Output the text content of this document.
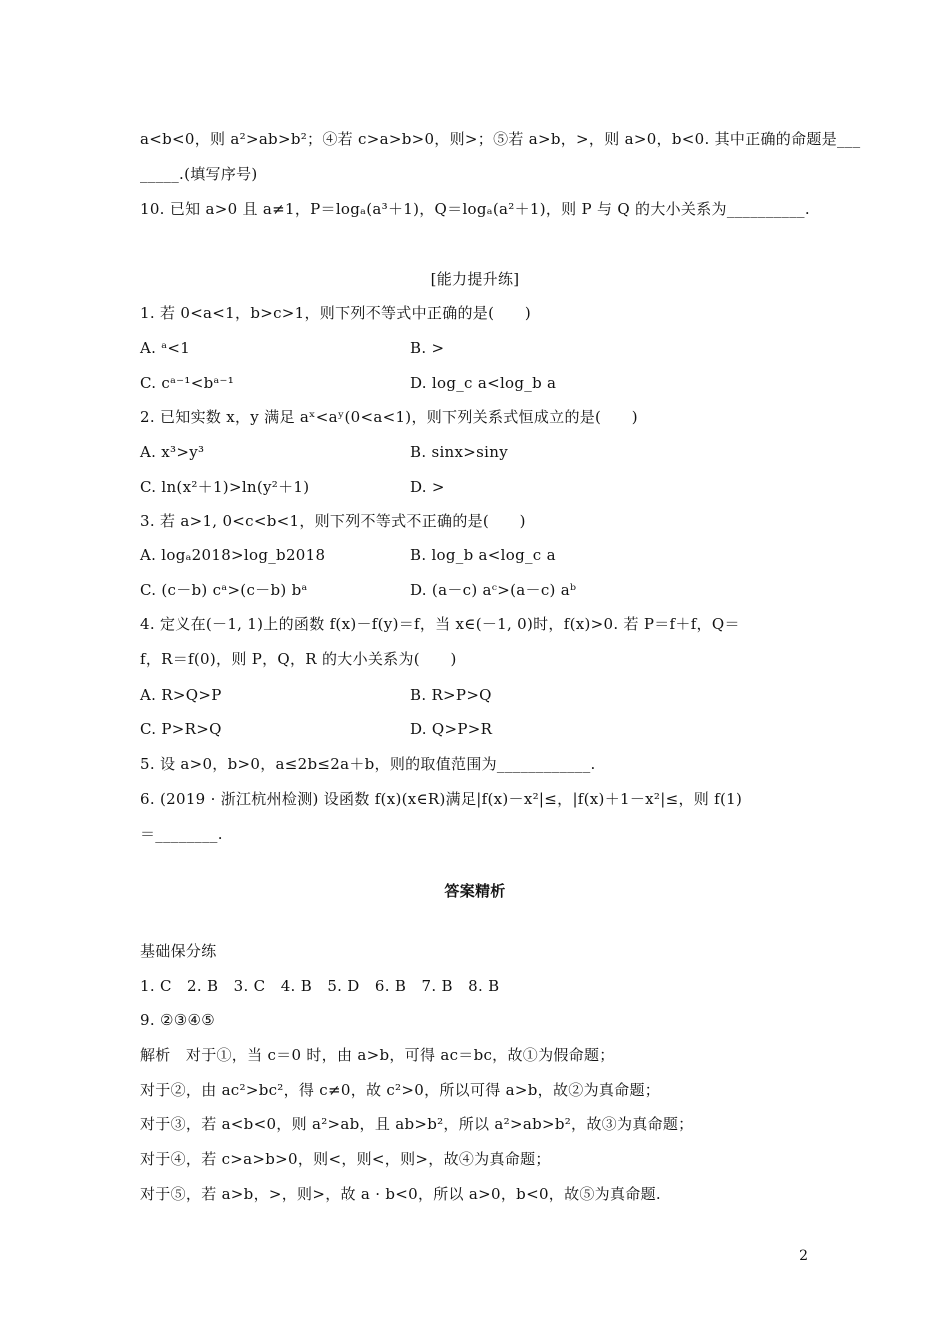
a<b<0，则 a²>ab>b²；④若 c>a>b>0，则>；⑤若 a>b，>，则 a>0，b<0. 其中正确的命题是___
_____.(填写序号)
10. 已知 a>0 且 a≠1，P＝logₐ(a³＋1)，Q＝logₐ(a²＋1)，则 P 与 Q 的大小关系为__________.
[能力提升练]
1. 若 0<a<1，b>c>1，则下列不等式中正确的是(　　)
A. ᵃ<1	B. >
C. cᵃ⁻¹<bᵃ⁻¹	D. log_c a<log_b a
2. 已知实数 x，y 满足 aˣ<aʸ(0<a<1)，则下列关系式恒成立的是(　　)
A. x³>y³	B. sinx>siny
C. ln(x²＋1)>ln(y²＋1)	D. >
3. 若 a>1, 0<c<b<1，则下列不等式不正确的是(　　)
A. logₐ2018>log_b2018	B. log_b a<log_c a
C. (c－b) cᵃ>(c－b) bᵃ	D. (a－c) aᶜ>(a－c) aᵇ
4. 定义在(－1, 1)上的函数 f(x)－f(y)＝f，当 x∈(－1, 0)时，f(x)>0. 若 P＝f＋f，Q＝
f，R＝f(0)，则 P，Q，R 的大小关系为(　　)
A. R>Q>P	B. R>P>Q
C. P>R>Q	D. Q>P>R
5. 设 a>0，b>0，a≤2b≤2a＋b，则的取值范围为____________.
6. (2019 · 浙江杭州检测) 设函数 f(x)(x∈R)满足|f(x)－x²|≤，|f(x)＋1－x²|≤，则 f(1)
＝________.
答案精析
基础保分练
1. C　2. B　3. C　4. B　5. D　6. B　7. B　8. B
9. ②③④⑤
解析　对于①，当 c＝0 时，由 a>b，可得 ac＝bc，故①为假命题；
对于②，由 ac²>bc²，得 c≠0，故 c²>0，所以可得 a>b，故②为真命题；
对于③，若 a<b<0，则 a²>ab，且 ab>b²，所以 a²>ab>b²，故③为真命题；
对于④，若 c>a>b>0，则<，则<，则>，故④为真命题；
对于⑤，若 a>b，>，则>，故 a · b<0，所以 a>0，b<0，故⑤为真命题.
2
